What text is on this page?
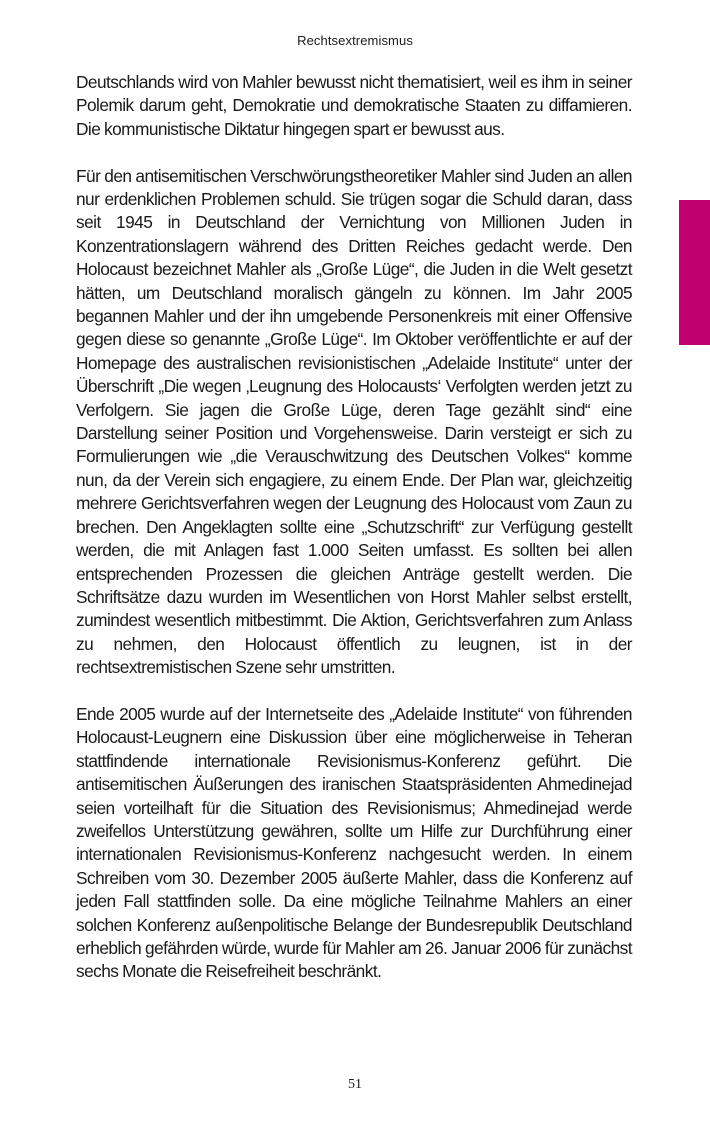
Rechtsextremismus

Deutschlands wird von Mahler bewusst nicht thematisiert, weil es ihm in seiner Polemik darum geht, Demokratie und demokratische Staaten zu diffamieren. Die kommunistische Diktatur hingegen spart er bewusst aus.

Für den antisemitischen Verschwörungstheoretiker Mahler sind Juden an allen nur erdenklichen Problemen schuld. Sie trügen sogar die Schuld daran, dass seit 1945 in Deutschland der Vernichtung von Millionen Juden in Konzentrationslagern während des Dritten Reiches gedacht werde. Den Holocaust bezeichnet Mahler als „Große Lüge“, die Juden in die Welt gesetzt hätten, um Deutschland moralisch gängeln zu können. Im Jahr 2005 begannen Mahler und der ihn umgebende Personenkreis mit einer Offensive gegen diese so genannte „Große Lüge“. Im Oktober veröffentlichte er auf der Homepage des australischen revisionistischen „Adelaide Institute“ unter der Überschrift „Die wegen ‚Leugnung des Holocausts‘ Verfolgten werden jetzt zu Verfolgern. Sie jagen die Große Lüge, deren Tage gezählt sind“ eine Darstellung seiner Position und Vorgehensweise. Darin versteigt er sich zu Formulierungen wie „die Verauschwitzung des Deutschen Volkes“ komme nun, da der Verein sich engagiere, zu einem Ende. Der Plan war, gleichzeitig mehrere Gerichtsverfahren wegen der Leugnung des Holocaust vom Zaun zu brechen. Den Angeklagten sollte eine „Schutzschrift“ zur Verfügung gestellt werden, die mit Anlagen fast 1.000 Seiten umfasst. Es sollten bei allen entsprechenden Prozessen die gleichen Anträge gestellt werden. Die Schriftsätze dazu wurden im Wesentlichen von Horst Mahler selbst erstellt, zumindest wesentlich mitbestimmt. Die Aktion, Gerichtsverfahren zum Anlass zu nehmen, den Holocaust öffentlich zu leugnen, ist in der rechtsextremistischen Szene sehr umstritten.

Ende 2005 wurde auf der Internetseite des „Adelaide Institute“ von führenden Holocaust-Leugnern eine Diskussion über eine möglicherweise in Teheran stattfindende internationale Revisionismus-Konferenz geführt. Die antisemitischen Äußerungen des iranischen Staatspräsidenten Ahmedinejad seien vorteilhaft für die Situation des Revisionismus; Ahmedinejad werde zweifellos Unterstützung gewähren, sollte um Hilfe zur Durchführung einer internationalen Revisionismus-Konferenz nachgesucht werden. In einem Schreiben vom 30. Dezember 2005 äußerte Mahler, dass die Konferenz auf jeden Fall stattfinden solle. Da eine mögliche Teilnahme Mahlers an einer solchen Konferenz außenpolitische Belange der Bundesrepublik Deutschland erheblich gefährden würde, wurde für Mahler am 26. Januar 2006 für zunächst sechs Monate die Reisefreiheit beschränkt.

51
